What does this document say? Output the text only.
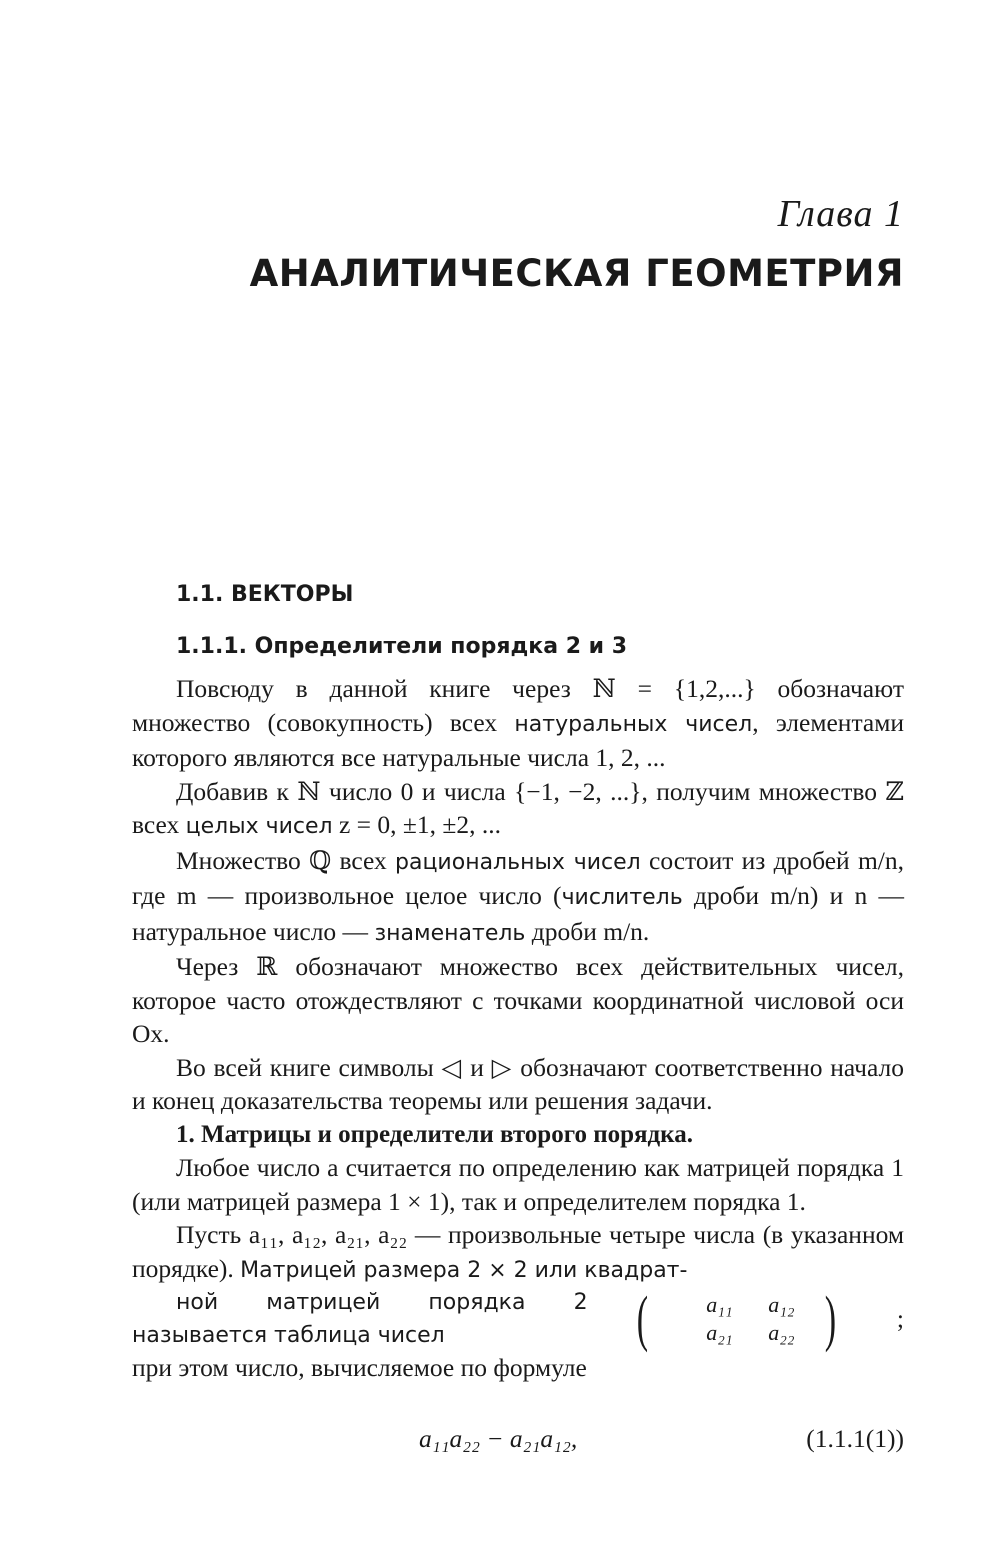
Глава 1
АНАЛИТИЧЕСКАЯ ГЕОМЕТРИЯ
1.1. ВЕКТОРЫ
1.1.1. Определители порядка 2 и 3

Повсюду в данной книге через ℕ = {1,2,...} обозначают множество (совокупность) всех натуральных чисел, элементами которого являются все натуральные числа 1, 2, ...

Добавив к ℕ число 0 и числа {−1, −2, ...}, получим множество ℤ всех целых чисел z = 0, ±1, ±2, ...

Множество ℚ всех рациональных чисел состоит из дробей m/n, где m — произвольное целое число (числитель дроби m/n) и n — натуральное число — знаменатель дроби m/n.

Через ℝ обозначают множество всех действительных чисел, которое часто отождествляют с точками координатной числовой оси Ox.

Во всей книге символы ◁ и ▷ обозначают соответственно начало и конец доказательства теоремы или решения задачи.

1. Матрицы и определители второго порядка.

Любое число a считается по определению как матрицей порядка 1 (или матрицей размера 1 × 1), так и определителем порядка 1.

Пусть a₁₁, a₁₂, a₂₁, a₂₂ — произвольные четыре числа (в указанном порядке). Матрицей размера 2 × 2 или квадрат-

ной матрицей порядка 2 называется таблица чисел	(	a₁₁	a₁₂
a₂₁	a₂₂ )	;

при этом число, вычисляемое по формуле

a₁₁a₂₂ − a₂₁a₁₂,	(1.1.1(1))
